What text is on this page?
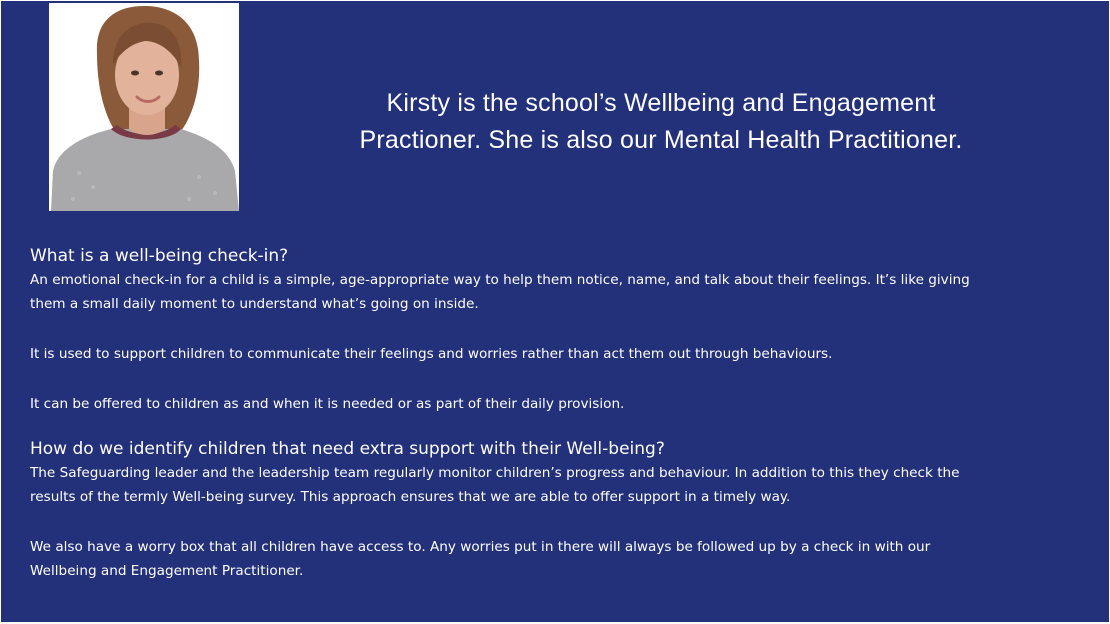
Kirsty is the school’s Wellbeing and Engagement
Practioner. She is also our Mental Health Practitioner.
What is a well-being check-in?

An emotional check-in for a child is a simple, age-appropriate way to help them notice, name, and talk about their feelings. It’s like giving

them a small daily moment to understand what’s going on inside.

It is used to support children to communicate their feelings and worries rather than act them out through behaviours.

It can be offered to children as and when it is needed or as part of their daily provision.

How do we identify children that need extra support with their Well-being?

The Safeguarding leader and the leadership team regularly monitor children’s progress and behaviour. In addition to this they check the

results of the termly Well-being survey. This approach ensures that we are able to offer support in a timely way.

We also have a worry box that all children have access to. Any worries put in there will always be followed up by a check in with our

Wellbeing and Engagement Practitioner.
